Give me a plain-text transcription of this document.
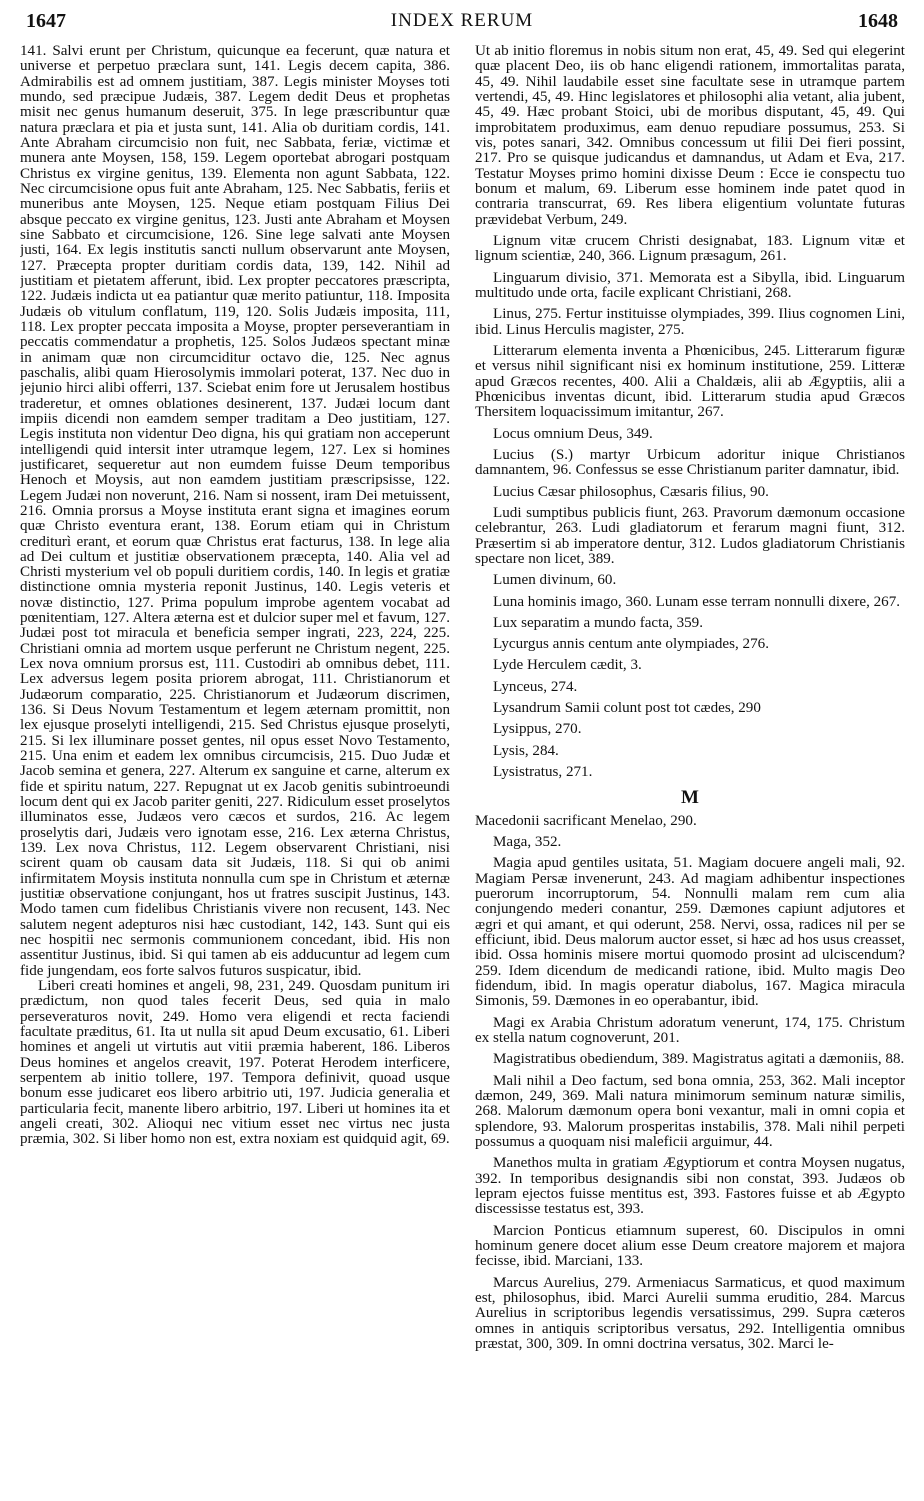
1647	INDEX RERUM	1648

141. Salvi erunt per Christum, quicunque ea fecerunt, quæ natura et universe et perpetuo præclara sunt, 141. Legis decem capita, 386. Admirabilis est ad omnem justitiam, 387. Legis minister Moyses toti mundo, sed præcipue Judæis, 387. Legem dedit Deus et prophetas misit nec genus humanum deseruit, 375. In lege præscribuntur quæ natura præclara et pia et justa sunt, 141. Alia ob duritiam cordis, 141. Ante Abraham circumcisio non fuit, nec Sabbata, feriæ, victimæ et munera ante Moysen, 158, 159. Legem oportebat abrogari postquam Christus ex virgine genitus, 139. Elementa non agunt Sabbata, 122. Nec circumcisione opus fuit ante Abraham, 125. Nec Sabbatis, feriis et muneribus ante Moysen, 125. Neque etiam postquam Filius Dei absque peccato ex virgine genitus, 123. Justi ante Abraham et Moysen sine Sabbato et circumcisione, 126. Sine lege salvati ante Moysen justi, 164. Ex legis institutis sancti nullum observarunt ante Moysen, 127. Præcepta propter duritiam cordis data, 139, 142. Nihil ad justitiam et pietatem afferunt, ibid. Lex propter peccatores præscripta, 122. Judæis indicta ut ea patiantur quæ merito patiuntur, 118. Imposita Judæis ob vitulum conflatum, 119, 120. Solis Judæis imposita, 111, 118. Lex propter peccata imposita a Moyse, propter perseverantiam in peccatis commendatur a prophetis, 125. Solos Judæos spectant minæ in animam quæ non circumciditur octavo die, 125. Nec agnus paschalis, alibi quam Hierosolymis immolari poterat, 137. Nec duo in jejunio hirci alibi offerri, 137. Sciebat enim fore ut Jerusalem hostibus traderetur, et omnes oblationes desinerent, 137. Judæi locum dant impiis dicendi non eamdem semper traditam a Deo justitiam, 127. Legis instituta non videntur Deo digna, his qui gratiam non acceperunt intelligendi quid intersit inter utramque legem, 127. Lex si homines justificaret, sequeretur aut non eumdem fuisse Deum temporibus Henoch et Moysis, aut non eamdem justitiam præscripsisse, 122. Legem Judæi non noverunt, 216. Nam si nossent, iram Dei metuissent, 216. Omnia prorsus a Moyse instituta erant signa et imagines eorum quæ Christo eventura erant, 138. Eorum etiam qui in Christum crediturì erant, et eorum quæ Christus erat facturus, 138. In lege alia ad Dei cultum et justitiæ observationem præcepta, 140. Alia vel ad Christi mysterium vel ob populi duritiem cordis, 140. In legis et gratiæ distinctione omnia mysteria reponit Justinus, 140. Legis veteris et novæ distinctio, 127. Prima populum improbe agentem vocabat ad pœnitentiam, 127. Altera æterna est et dulcior super mel et favum, 127. Judæi post tot miracula et beneficia semper ingrati, 223, 224, 225. Christiani omnia ad mortem usque perferunt ne Christum negent, 225. Lex nova omnium prorsus est, 111. Custodiri ab omnibus debet, 111. Lex adversus legem posita priorem abrogat, 111. Christianorum et Judæorum comparatio, 225. Christianorum et Judæorum discrimen, 136. Si Deus Novum Testamentum et legem æternam promittit, non lex ejusque proselyti intelligendi, 215. Sed Christus ejusque proselyti, 215. Si lex illuminare posset gentes, nil opus esset Novo Testamento, 215. Una enim et eadem lex omnibus circumcisis, 215. Duo Judæ et Jacob semina et genera, 227. Alterum ex sanguine et carne, alterum ex fide et spiritu natum, 227. Repugnat ut ex Jacob genitis subintroeundi locum dent qui ex Jacob pariter geniti, 227. Ridiculum esset proselytos illuminatos esse, Judæos vero cæcos et surdos, 216. Ac legem proselytis dari, Judæis vero ignotam esse, 216. Lex æterna Christus, 139. Lex nova Christus, 112. Legem observarent Christiani, nisi scirent quam ob causam data sit Judæis, 118. Si qui ob animi infirmitatem Moysis instituta nonnulla cum spe in Christum et æternæ justitiæ observatione conjungant, hos ut fratres suscipit Justinus, 143. Modo tamen cum fidelibus Christianis vivere non recusent, 143. Nec salutem negent adepturos nisi hæc custodiant, 142, 143. Sunt qui eis nec hospitii nec sermonis communionem concedant, ibid. His non assentitur Justinus, ibid. Si qui tamen ab eis adducuntur ad legem cum fide jungendam, eos forte salvos futuros suspicatur, ibid.

Liberi creati homines et angeli, 98, 231, 249. Quosdam punitum iri prædictum, non quod tales fecerit Deus, sed quia in malo perseveraturos novit, 249. Homo vera eligendi et recta faciendi facultate præditus, 61. Ita ut nulla sit apud Deum excusatio, 61. Liberi homines et angeli ut virtutis aut vitii præmia haberent, 186. Liberos Deus homines et angelos creavit, 197. Poterat Herodem interficere, serpentem ab initio tollere, 197. Tempora definivit, quoad usque bonum esse judicaret eos libero arbitrio uti, 197. Judicia generalia et particularia fecit, manente libero arbitrio, 197. Liberi ut homines ita et angeli creati, 302. Alioqui nec vitium esset nec virtus nec justa præmia, 302. Si liber homo non est, extra noxiam est quidquid agit, 69.

Ut ab initio floremus in nobis situm non erat, 45, 49. Sed qui elegerint quæ placent Deo, iis ob hanc eligendi rationem, immortalitas parata, 45, 49. Nihil laudabile esset sine facultate sese in utramque partem vertendi, 45, 49. Hinc legislatores et philosophi alia vetant, alia jubent, 45, 49. Hæc probant Stoici, ubi de moribus disputant, 45, 49. Qui improbitatem produximus, eam denuo repudiare possumus, 253. Si vis, potes sanari, 342. Omnibus concessum ut filii Dei fieri possint, 217. Pro se quisque judicandus et damnandus, ut Adam et Eva, 217. Testatur Moyses primo homini dixisse Deum : Ecce ie conspectu tuo bonum et malum, 69. Liberum esse hominem inde patet quod in contraria transcurrat, 69. Res libera eligentium voluntate futuras prævidebat Verbum, 249.

Lignum vitæ crucem Christi designabat, 183. Lignum vitæ et lignum scientiæ, 240, 366. Lignum præsagum, 261.

Linguarum divisio, 371. Memorata est a Sibylla, ibid. Linguarum multitudo unde orta, facile explicant Christiani, 268.

Linus, 275. Fertur instituisse olympiades, 399. Ilius cognomen Lini, ibid. Linus Herculis magister, 275.

Litterarum elementa inventa a Phœnicibus, 245. Litterarum figuræ et versus nihil significant nisi ex hominum institutione, 259. Litteræ apud Græcos recentes, 400. Alii a Chaldæis, alii ab Ægyptiis, alii a Phœnicibus inventas dicunt, ibid. Litterarum studia apud Græcos Thersitem loquacissimum imitantur, 267.

Locus omnium Deus, 349.

Lucius (S.) martyr Urbicum adoritur inique Christianos damnantem, 96. Confessus se esse Christianum pariter damnatur, ibid.

Lucius Cæsar philosophus, Cæsaris filius, 90.

Ludi sumptibus publicis fiunt, 263. Pravorum dæmonum occasione celebrantur, 263. Ludi gladiatorum et ferarum magni fiunt, 312. Præsertim si ab imperatore dentur, 312. Ludos gladiatorum Christianis spectare non licet, 389.

Lumen divinum, 60.

Luna hominis imago, 360. Lunam esse terram nonnulli dixere, 267.

Lux separatim a mundo facta, 359.

Lycurgus annis centum ante olympiades, 276.

Lyde Herculem cædit, 3.

Lynceus, 274.

Lysandrum Samii colunt post tot cædes, 290

Lysippus, 270.

Lysis, 284.

Lysistratus, 271.

M

Macedonii sacrificant Menelao, 290.

Maga, 352.

Magia apud gentiles usitata, 51. Magiam docuere angeli mali, 92. Magiam Persæ invenerunt, 243. Ad magiam adhibentur inspectiones puerorum incorruptorum, 54. Nonnulli malam rem cum alia conjungendo mederi conantur, 259. Dæmones capiunt adjutores et ægri et qui amant, et qui oderunt, 258. Nervi, ossa, radices nil per se efficiunt, ibid. Deus malorum auctor esset, si hæc ad hos usus creasset, ibid. Ossa hominis misere mortui quomodo prosint ad ulciscendum? 259. Idem dicendum de medicandi ratione, ibid. Multo magis Deo fidendum, ibid. In magis operatur diabolus, 167. Magica miracula Simonis, 59. Dæmones in eo operabantur, ibid.

Magi ex Arabia Christum adoratum venerunt, 174, 175. Christum ex stella natum cognoverunt, 201.

Magistratibus obediendum, 389. Magistratus agitati a dæmoniis, 88.

Mali nihil a Deo factum, sed bona omnia, 253, 362. Mali inceptor dæmon, 249, 369. Mali natura minimorum seminum naturæ similis, 268. Malorum dæmonum opera boni vexantur, mali in omni copia et splendore, 93. Malorum prosperitas instabilis, 378. Mali nihil perpeti possumus a quoquam nisi maleficii arguimur, 44.

Manethos multa in gratiam Ægyptiorum et contra Moysen nugatus, 392. In temporibus designandis sibi non constat, 393. Judæos ob lepram ejectos fuisse mentitus est, 393. Fastores fuisse et ab Ægypto discessisse testatus est, 393.

Marcion Ponticus etiamnum superest, 60. Discipulos in omni hominum genere docet alium esse Deum creatore majorem et majora fecisse, ibid. Marciani, 133.

Marcus Aurelius, 279. Armeniacus Sarmaticus, et quod maximum est, philosophus, ibid. Marci Aurelii summa eruditio, 284. Marcus Aurelius in scriptoribus legendis versatissimus, 299. Supra cæteros omnes in antiquis scriptoribus versatus, 292. Intelligentia omnibus præstat, 300, 309. In omni doctrina versatus, 302. Marci le-
